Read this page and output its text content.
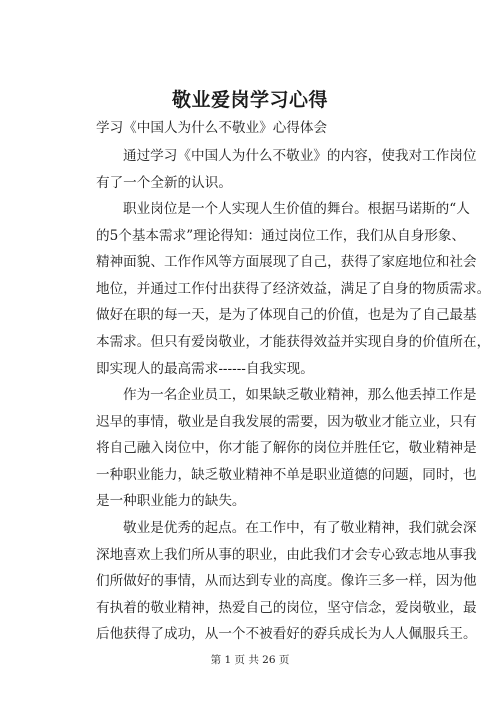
敬业爱岗学习心得
学习《中国人为什么不敬业》心得体会
通过学习《中国人为什么不敬业》的内容，使我对工作岗位
有了一个全新的认识。
职业岗位是一个人实现人生价值的舞台。根据马诺斯的“人
的5个基本需求”理论得知：通过岗位工作，我们从自身形象、
精神面貌、工作作风等方面展现了自己，获得了家庭地位和社会
地位，并通过工作付出获得了经济效益，满足了自身的物质需求。
做好在职的每一天，是为了体现自己的价值，也是为了自己最基
本需求。但只有爱岗敬业，才能获得效益并实现自身的价值所在，
即实现人的最高需求------自我实现。
作为一名企业员工，如果缺乏敬业精神，那么他丢掉工作是
迟早的事情，敬业是自我发展的需要，因为敬业才能立业，只有
将自己融入岗位中，你才能了解你的岗位并胜任它，敬业精神是
一种职业能力，缺乏敬业精神不单是职业道德的问题，同时，也
是一种职业能力的缺失。
敬业是优秀的起点。在工作中，有了敬业精神，我们就会深
深地喜欢上我们所从事的职业，由此我们才会专心致志地从事我
们所做好的事情，从而达到专业的高度。像许三多一样，因为他
有执着的敬业精神，热爱自己的岗位，坚守信念，爱岗敬业，最
后他获得了成功，从一个不被看好的孬兵成长为人人佩服兵王。
第 1 页 共 26 页
